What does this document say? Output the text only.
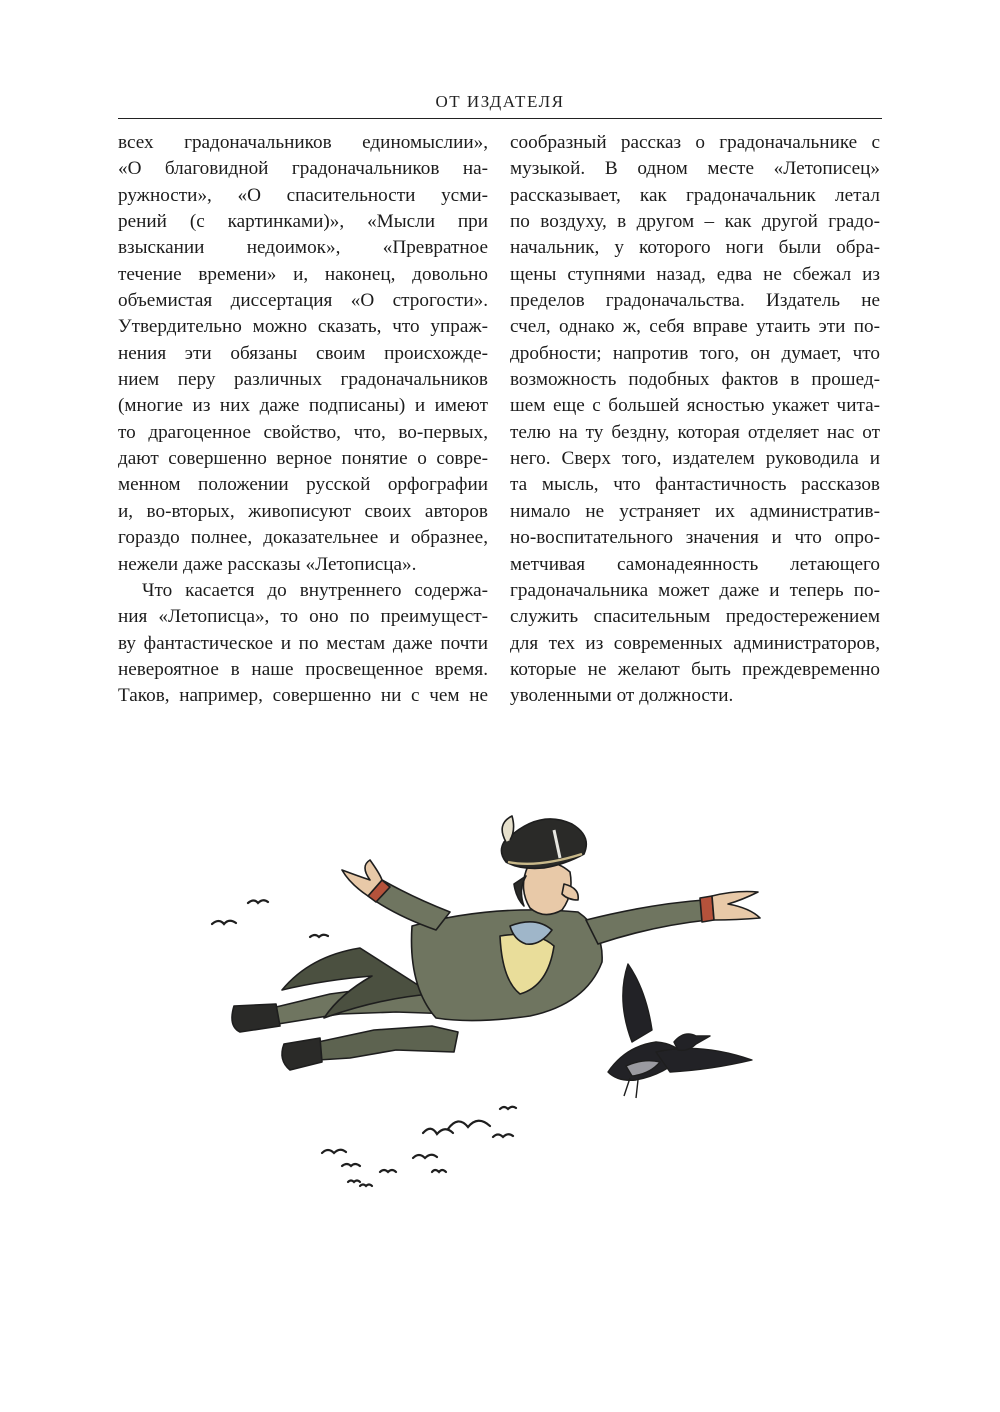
ОТ ИЗДАТЕЛЯ
всех градоначальников единомыслии»,
«О благовидной градоначальников на-
ружности», «О спасительности усми-
рений (с картинками)», «Мысли при
взыскании недоимок», «Превратное
течение времени» и, наконец, довольно
объемистая диссертация «О строгости».
Утвердительно можно сказать, что упраж-
нения эти обязаны своим происхожде-
нием перу различных градоначальников
(многие из них даже подписаны) и имеют
то драгоценное свойство, что, во-первых,
дают совершенно верное понятие о совре-
менном положении русской орфографии
и, во-вторых, живописуют своих авторов
гораздо полнее, доказательнее и образнее,
нежели даже рассказы «Летописца».
Что касается до внутреннего содержа-
ния «Летописца», то оно по преимущест-
ву фантастическое и по местам даже почти
невероятное в наше просвещенное время.
Таков, например, совершенно ни с чем не
сообразный рассказ о градоначальнике с
музыкой. В одном месте «Летописец»
рассказывает, как градоначальник летал
по воздуху, в другом – как другой градо-
начальник, у которого ноги были обра-
щены ступнями назад, едва не сбежал из
пределов градоначальства. Издатель не
счел, однако ж, себя вправе утаить эти по-
дробности; напротив того, он думает, что
возможность подобных фактов в прошед-
шем еще с большей ясностью укажет чита-
телю на ту бездну, которая отделяет нас от
него. Сверх того, издателем руководила и
та мысль, что фантастичность рассказов
нимало не устраняет их административ-
но-воспитательного значения и что опро-
метчивая самонадеянность летающего
градоначальника может даже и теперь по-
служить спасительным предостережением
для тех из современных администраторов,
которые не желают быть преждевременно
уволенными от должности.
